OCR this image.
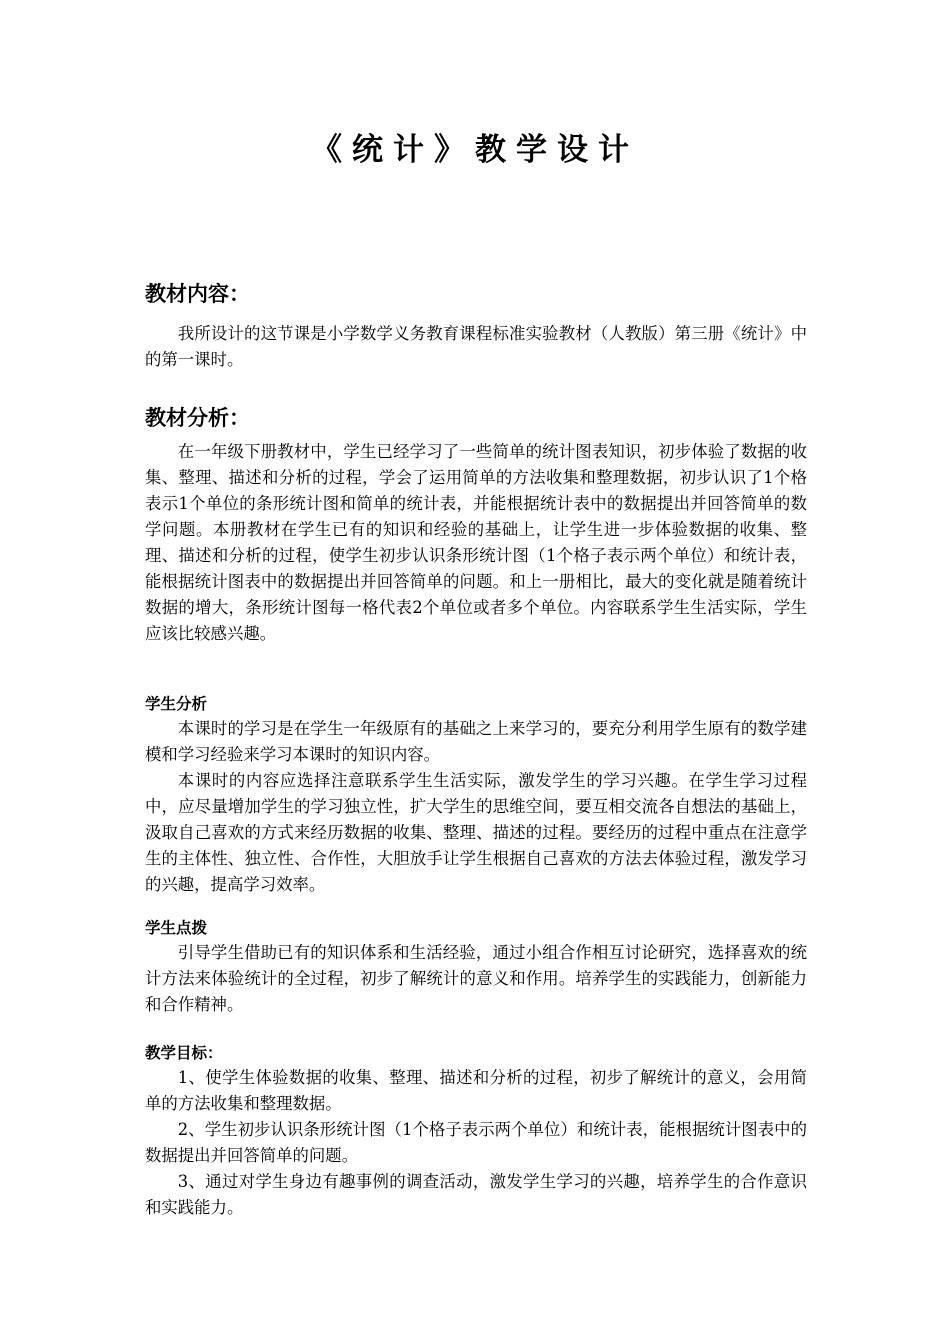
《统计》教学设计
教材内容：

我所设计的这节课是小学数学义务教育课程标准实验教材（人教版）第三册《统计》中的第一课时。

教材分析：

在一年级下册教材中，学生已经学习了一些简单的统计图表知识，初步体验了数据的收集、整理、描述和分析的过程，学会了运用简单的方法收集和整理数据，初步认识了1个格表示1个单位的条形统计图和简单的统计表，并能根据统计表中的数据提出并回答简单的数学问题。本册教材在学生已有的知识和经验的基础上，让学生进一步体验数据的收集、整理、描述和分析的过程，使学生初步认识条形统计图（1个格子表示两个单位）和统计表，能根据统计图表中的数据提出并回答简单的问题。和上一册相比，最大的变化就是随着统计数据的增大，条形统计图每一格代表2个单位或者多个单位。内容联系学生生活实际，学生应该比较感兴趣。

学生分析

本课时的学习是在学生一年级原有的基础之上来学习的，要充分利用学生原有的数学建模和学习经验来学习本课时的知识内容。

本课时的内容应选择注意联系学生生活实际，激发学生的学习兴趣。在学生学习过程中，应尽量增加学生的学习独立性，扩大学生的思维空间，要互相交流各自想法的基础上，汲取自己喜欢的方式来经历数据的收集、整理、描述的过程。要经历的过程中重点在注意学生的主体性、独立性、合作性，大胆放手让学生根据自己喜欢的方法去体验过程，激发学习的兴趣，提高学习效率。

学生点拨

引导学生借助已有的知识体系和生活经验，通过小组合作相互讨论研究，选择喜欢的统计方法来体验统计的全过程，初步了解统计的意义和作用。培养学生的实践能力，创新能力和合作精神。

教学目标：

1、使学生体验数据的收集、整理、描述和分析的过程，初步了解统计的意义，会用简单的方法收集和整理数据。

2、学生初步认识条形统计图（1个格子表示两个单位）和统计表，能根据统计图表中的数据提出并回答简单的问题。

3、通过对学生身边有趣事例的调查活动，激发学生学习的兴趣，培养学生的合作意识和实践能力。
